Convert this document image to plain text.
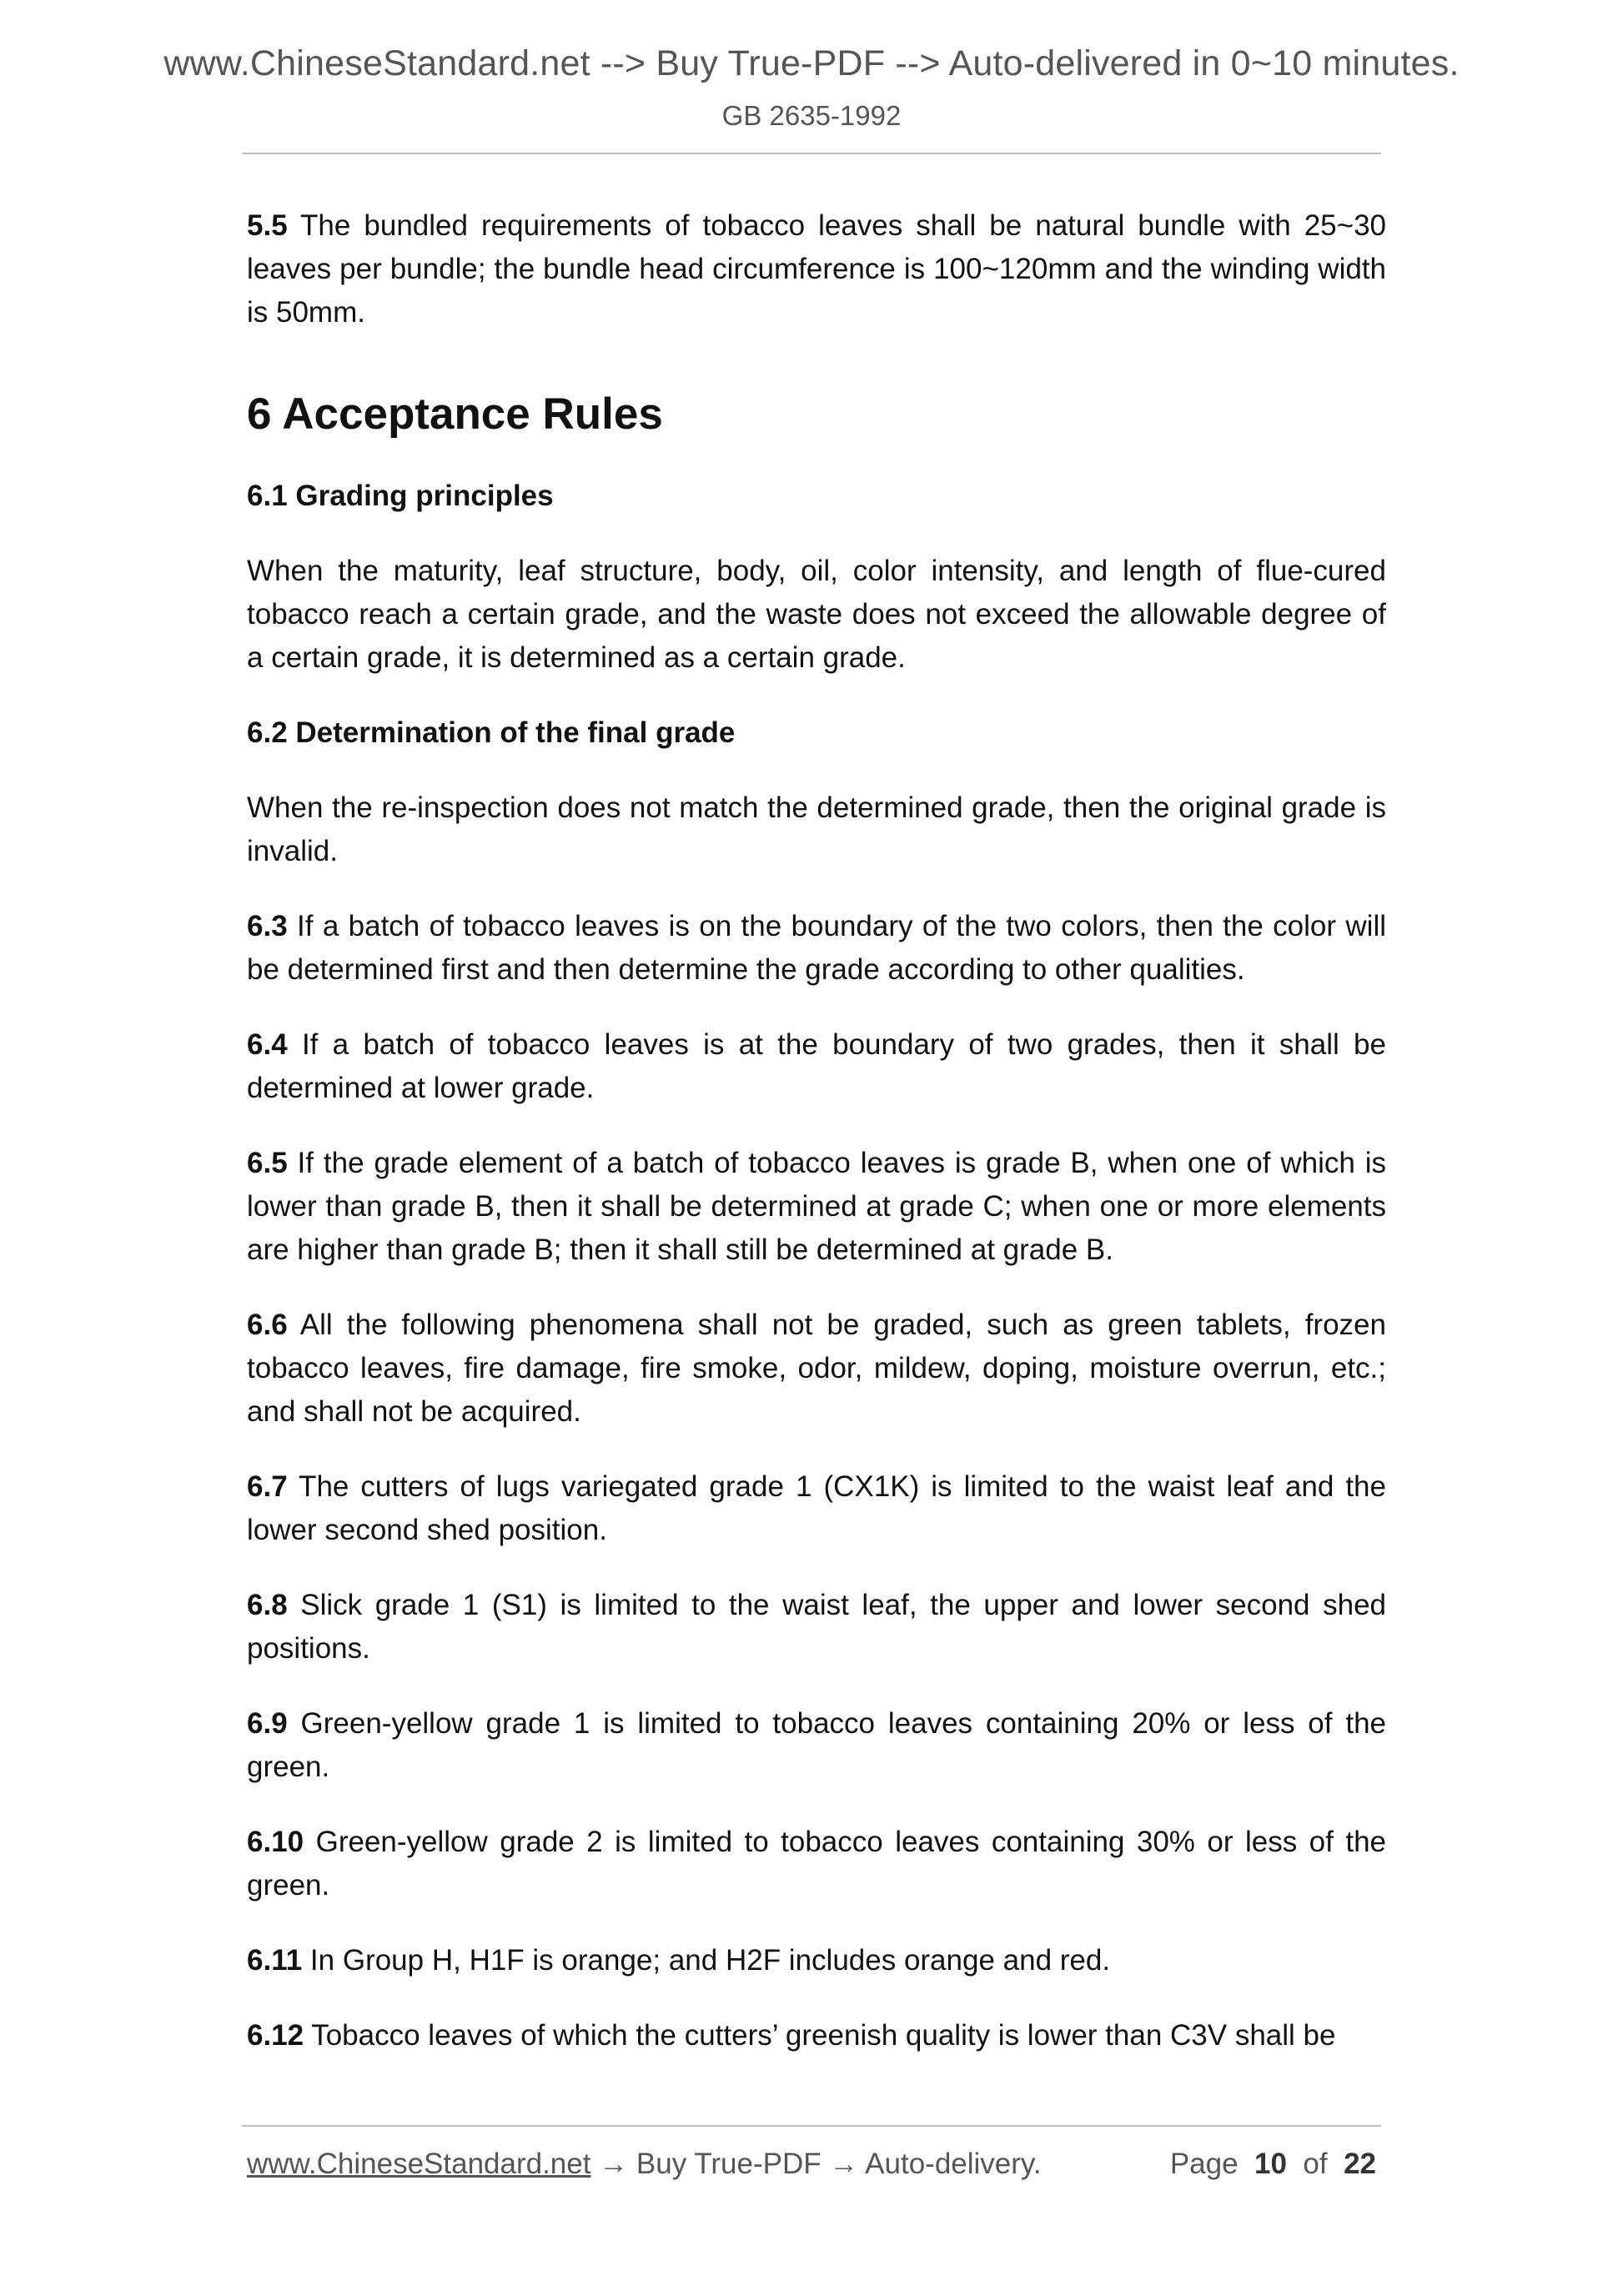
www.ChineseStandard.net --> Buy True-PDF --> Auto-delivered in 0~10 minutes.
GB 2635-1992

5.5 The bundled requirements of tobacco leaves shall be natural bundle with 25~30 leaves per bundle; the bundle head circumference is 100~120mm and the winding width is 50mm.

6 Acceptance Rules
6.1 Grading principles

When the maturity, leaf structure, body, oil, color intensity, and length of flue-cured tobacco reach a certain grade, and the waste does not exceed the allowable degree of a certain grade, it is determined as a certain grade.

6.2 Determination of the final grade

When the re-inspection does not match the determined grade, then the original grade is invalid.

6.3 If a batch of tobacco leaves is on the boundary of the two colors, then the color will be determined first and then determine the grade according to other qualities.

6.4 If a batch of tobacco leaves is at the boundary of two grades, then it shall be determined at lower grade.

6.5 If the grade element of a batch of tobacco leaves is grade B, when one of which is lower than grade B, then it shall be determined at grade C; when one or more elements are higher than grade B; then it shall still be determined at grade B.

6.6 All the following phenomena shall not be graded, such as green tablets, frozen tobacco leaves, fire damage, fire smoke, odor, mildew, doping, moisture overrun, etc.; and shall not be acquired.

6.7 The cutters of lugs variegated grade 1 (CX1K) is limited to the waist leaf and the lower second shed position.

6.8 Slick grade 1 (S1) is limited to the waist leaf, the upper and lower second shed positions.

6.9 Green-yellow grade 1 is limited to tobacco leaves containing 20% or less of the green.

6.10 Green-yellow grade 2 is limited to tobacco leaves containing 30% or less of the green.

6.11 In Group H, H1F is orange; and H2F includes orange and red.

6.12 Tobacco leaves of which the cutters’ greenish quality is lower than C3V shall be

www.ChineseStandard.net → Buy True-PDF → Auto-delivery.	Page 10 of 22
